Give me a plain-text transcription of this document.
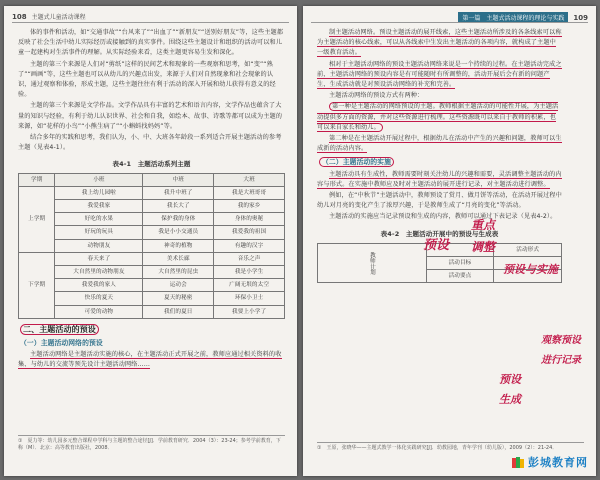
108 主题式儿童活动课程

体的事件和活动，如“交通事故”“台风来了”“出血了”“新朋友”“送别好朋友”等，这些主题都反映了社会生活中幼儿实际经历或接触到的真实事件。围绕这些主题设计和组织的活动可以和儿童一起建构对生活事件的理解。从实际经验来看，这类主题更容易生发和深化。

主题的第三个来源是人们对“剪纸”这样的民间艺术和现象的一些观察和思考，如“变”“熟了”“画画”等，这些主题也可以从幼儿的兴趣点出发，来源于人们对自然现象和社会现象的认识，通过观察和体验，形成主题，这些主题往往有利于活动的深入开展和幼儿获得有意义的经验。

主题的第三个来源是文学作品。文学作品具有丰富的艺术和语言内容，文学作品也蕴含了大量的知识与经验，有利于幼儿认识世界、社会和自我，如绘本、故事、诗歌等都可以成为主题的来源，如“花样的小鸟”“小熊生病了”“小蝌蚪找妈妈”等。

结合多年的实践和思考，我们认为，小、中、大班各年龄段一系列适合开展主题活动的参考主题（见表4-1）。

表4-1　主题活动系列主题
学期	小班	中班	大班
上学期	我上幼儿园啦	我升中班了	我是大班哥哥
	我爱我家	我长大了	我的家乡
	好吃的水果	保护我的身体	身体的奥秘
	好玩的玩具	我是小小交通员	我爱我的祖国
	动物朋友	神奇的植物	有趣的汉字
下学期	春天来了	美术长廊	音乐之声
	大自然里的动物朋友	大自然里的昆虫	我是小学生
	我爱我的家人	运动会	广阔无垠的太空
	快乐的夏天	夏天的秘密	环保小卫士
	可爱的动物	我们的夏日	我要上小学了
二、主题活动的预设
（一）主题活动网络的预设

主题活动网络是主题活动实施的核心，在主题活动正式开展之前，教师应通过相关资料的收集、与幼儿的交流等预先设计主题活动网络……

①　夏力等：幼儿园多元整合课程中学科与主题的整合途径[J]．学前教育研究．2004（3）：23-24；参考学前教育，下称（M）．北京：高等教育出版社，2008．
第一篇　主题式活动课程的理论与实践	109

制主题活动网络。预设主题活动的展开线索，这些主题活动所涉及的各条线索可以称为主题活动的核心线索，可以从各线索中生发出主题活动的各项内容，就构成了主题中一级教育活动。

相对于主题活动网络的预设主题活动网络来说是一个持续的过程。在主题活动完成之前，主题活动网络的预设内容是有可能随时有所调整的，活动开展后会有新的问题产生，生成活动就是对预设活动网络的补充和完善。

主题活动网络的预设方式有两种：

第一种是主题活动的网络预设的主题。教师根据主题活动的可能性开展，为主题活动提供多方面的资源，并对这些资源进行梳理。这些资源既可以来自于教师的积累，也可以来自家长和幼儿。

第二种是在主题活动开展过程中，根据幼儿在活动中产生的兴趣和问题，教师可以生成新的活动内容。

（二）主题活动的实施

主题活动具有生成性，教师需要时刻关注幼儿的兴趣和需要，灵活调整主题活动的内容与形式。在实施中教师应及时对主题活动的展开进行记录，对主题活动进行调整。

例如，在“中秋节”主题活动中，教师预设了赏月、做月饼等活动，在活动开展过程中幼儿对月亮的变化产生了浓厚兴趣，于是教师生成了“月亮的变化”等活动。

主题活动的实施应当记录预设和生成的内容，教师可以通过下表记录（见表4-2）。

表4-2　主题活动开展中的预设与生成表
教师计划		活动形式
	活动目标	
	活动要点	
预设
重点
调整
预设与实施
预设
生成
观察预设
进行记录
①　王原，张晓华——主题式教学一体化实践研究[J]．幼教园地，青年学刊（幼儿版），2009（2）：21-24．
彭城教育网
